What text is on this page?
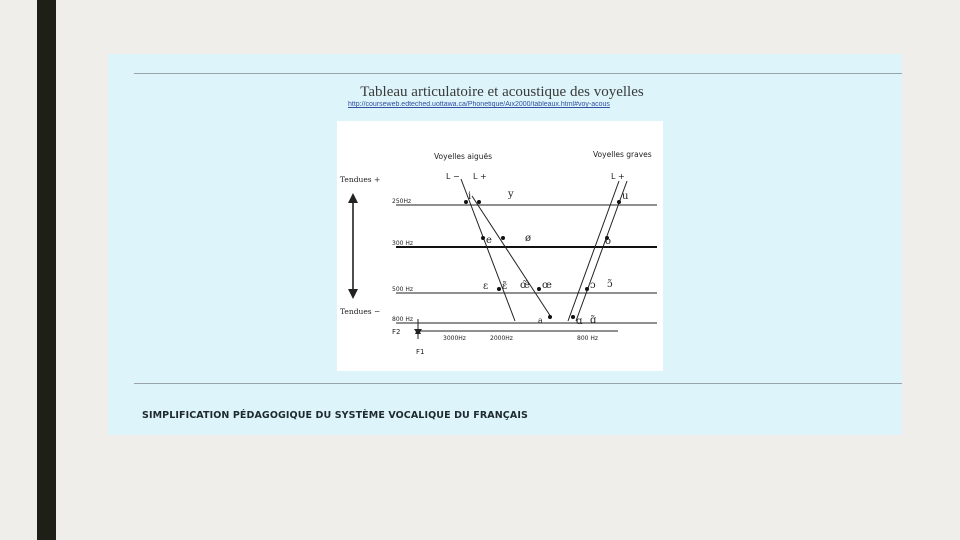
Tableau articulatoire et acoustique des voyelles
http://courseweb.edteched.uottawa.ca/Phonetique/Aix2000/tableaux.html#voy-acous
Voyelles aiguës	Voyelles graves
L − L +	L +
Tendues +
Tendues −
250Hz
300 Hz
500 Hz
800 Hz
3000Hz	2000Hz	800 Hz
F2
F1
i	y	u
e	ø	o
ɛ ɛ̃ œ̃ œ	ɔ ɔ̃
a	ɑ ɑ̃
SIMPLIFICATION PÉDAGOGIQUE DU SYSTÈME VOCALIQUE DU FRANÇAIS
